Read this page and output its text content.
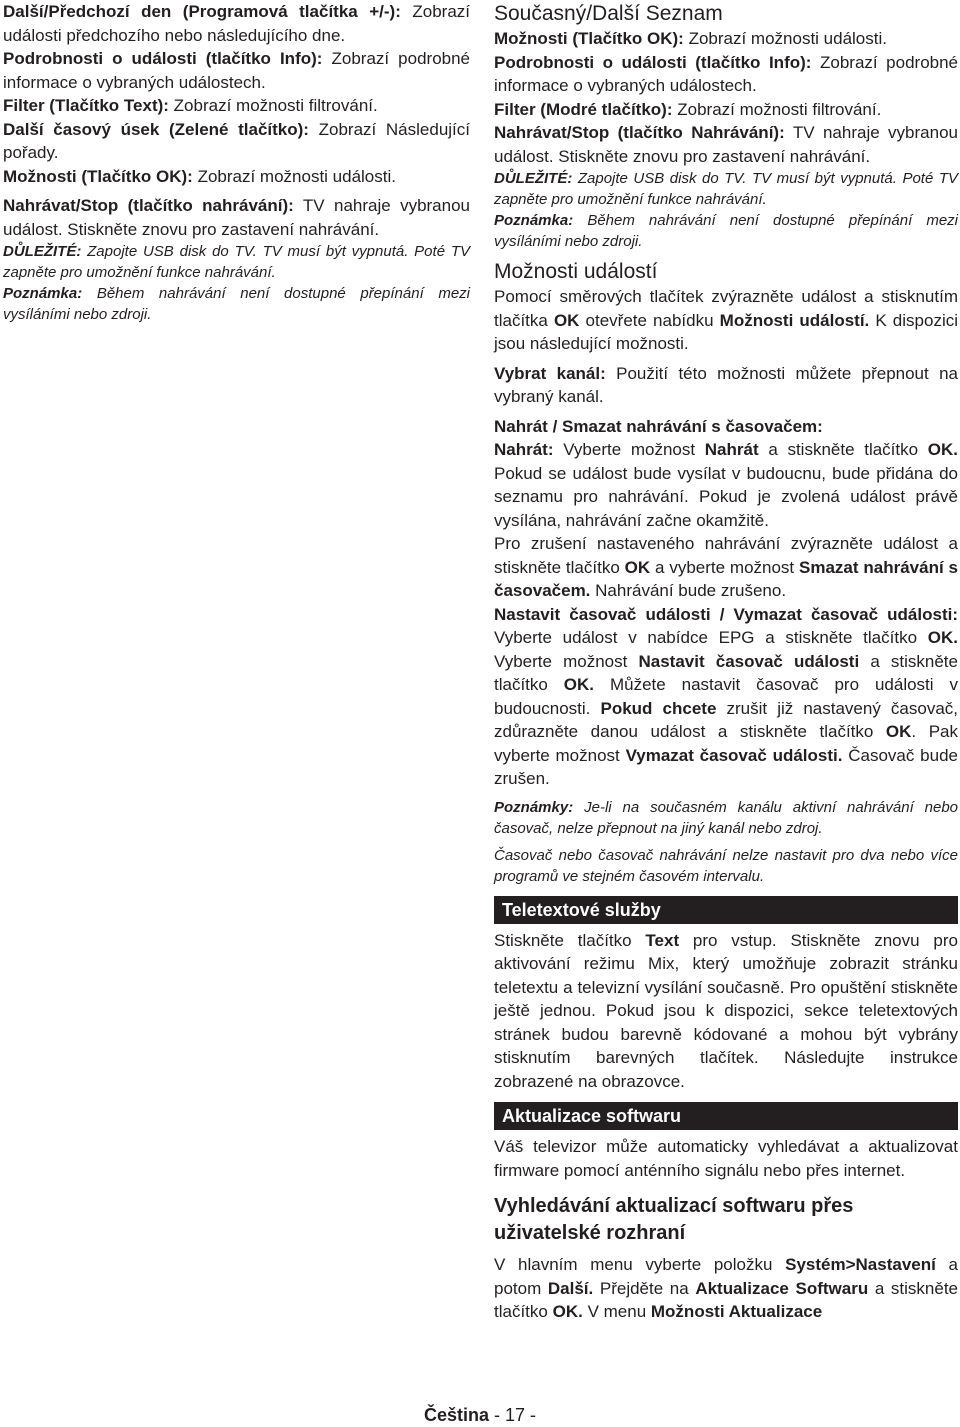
Další/Předchozí den (Programová tlačítka +/-): Zobrazí události předchozího nebo následujícího dne.

Podrobnosti o události (tlačítko Info): Zobrazí podrobné informace o vybraných událostech.

Filter (Tlačítko Text): Zobrazí možnosti filtrování.

Další časový úsek (Zelené tlačítko): Zobrazí Následující pořady.

Možnosti (Tlačítko OK): Zobrazí možnosti události.

Nahrávat/Stop (tlačítko nahrávání): TV nahraje vybranou událost. Stiskněte znovu pro zastavení nahrávání.

DŮLEŽITÉ: Zapojte USB disk do TV. TV musí být vypnutá. Poté TV zapněte pro umožnění funkce nahrávání.

Poznámka: Během nahrávání není dostupné přepínání mezi vysíláními nebo zdroji.

Současný/Další Seznam

Možnosti (Tlačítko OK): Zobrazí možnosti události.

Podrobnosti o události (tlačítko Info): Zobrazí podrobné informace o vybraných událostech.

Filter (Modré tlačítko): Zobrazí možnosti filtrování.

Nahrávat/Stop (tlačítko Nahrávání): TV nahraje vybranou událost. Stiskněte znovu pro zastavení nahrávání.

DŮLEŽITÉ: Zapojte USB disk do TV. TV musí být vypnutá. Poté TV zapněte pro umožnění funkce nahrávání.

Poznámka: Během nahrávání není dostupné přepínání mezi vysíláními nebo zdroji.

Možnosti událostí

Pomocí směrových tlačítek zvýrazněte událost a stisknutím tlačítka OK otevřete nabídku Možnosti událostí. K dispozici jsou následující možnosti.

Vybrat kanál: Použití této možnosti můžete přepnout na vybraný kanál.

Nahrát / Smazat nahrávání s časovačem:

Nahrát: Vyberte možnost Nahrát a stiskněte tlačítko OK. Pokud se událost bude vysílat v budoucnu, bude přidána do seznamu pro nahrávání. Pokud je zvolená událost právě vysílána, nahrávání začne okamžitě.

Pro zrušení nastaveného nahrávání zvýrazněte událost a stiskněte tlačítko OK a vyberte možnost Smazat nahrávání s časovačem. Nahrávání bude zrušeno.

Nastavit časovač události / Vymazat časovač události: Vyberte událost v nabídce EPG a stiskněte tlačítko OK. Vyberte možnost Nastavit časovač události a stiskněte tlačítko OK. Můžete nastavit časovač pro události v budoucnosti. Pokud chcete zrušit již nastavený časovač, zdůrazněte danou událost a stiskněte tlačítko OK. Pak vyberte možnost Vymazat časovač události. Časovač bude zrušen.

Poznámky: Je-li na současném kanálu aktivní nahrávání nebo časovač, nelze přepnout na jiný kanál nebo zdroj.

Časovač nebo časovač nahrávání nelze nastavit pro dva nebo více programů ve stejném časovém intervalu.

Teletextové služby

Stiskněte tlačítko Text pro vstup. Stiskněte znovu pro aktivování režimu Mix, který umožňuje zobrazit stránku teletextu a televizní vysílání současně. Pro opuštění stiskněte ještě jednou. Pokud jsou k dispozici, sekce teletextových stránek budou barevně kódované a mohou být vybrány stisknutím barevných tlačítek. Následujte instrukce zobrazené na obrazovce.

Aktualizace softwaru

Váš televizor může automaticky vyhledávat a aktualizovat firmware pomocí anténního signálu nebo přes internet.

Vyhledávání aktualizací softwaru přes uživatelské rozhraní

V hlavním menu vyberte položku Systém>Nastavení a potom Další. Přejděte na Aktualizace Softwaru a stiskněte tlačítko OK. V menu Možnosti Aktualizace

Čeština - 17 -
